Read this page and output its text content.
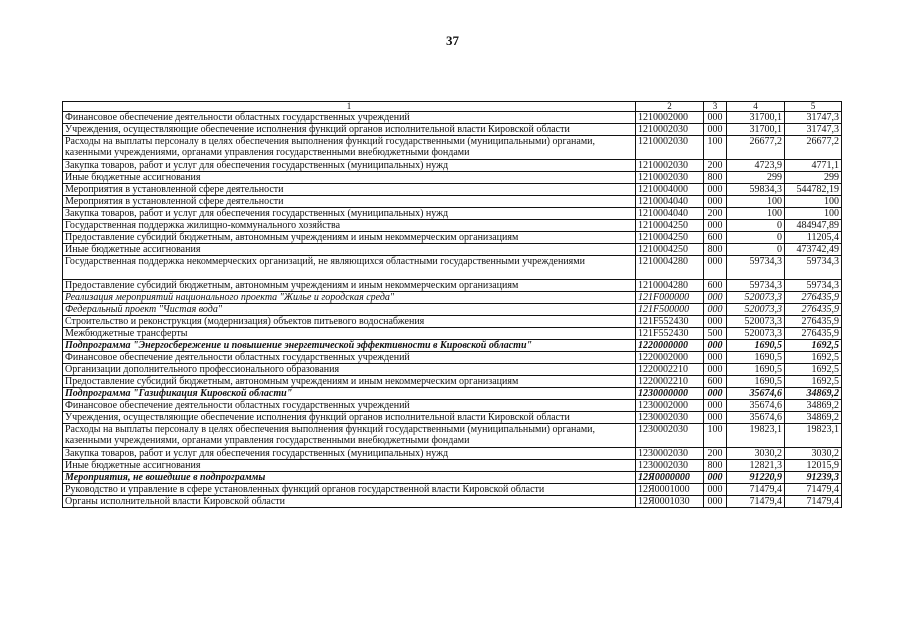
37
1	2	3	4	5
Финансовое обеспечение деятельности областных государственных учреждений	1210002000	000	31700,1	31747,3
Учреждения, осуществляющие обеспечение исполнения функций органов исполнительной власти Кировской области	1210002030	000	31700,1	31747,3
Расходы на выплаты персоналу в целях обеспечения выполнения функций государственными (муниципальными) органами, казенными учреждениями, органами управления государственными внебюджетными фондами	1210002030	100	26677,2	26677,2
Закупка товаров, работ и услуг для обеспечения государственных (муниципальных) нужд	1210002030	200	4723,9	4771,1
Иные бюджетные ассигнования	1210002030	800	299	299
Мероприятия в установленной сфере деятельности	1210004000	000	59834,3	544782,19
Мероприятия в установленной сфере деятельности	1210004040	000	100	100
Закупка товаров, работ и услуг для обеспечения государственных (муниципальных) нужд	1210004040	200	100	100
Государственная поддержка жилищно-коммунального хозяйства	1210004250	000	0	484947,89
Предоставление субсидий бюджетным, автономным учреждениям и иным некоммерческим организациям	1210004250	600	0	11205,4
Иные бюджетные ассигнования	1210004250	800	0	473742,49
Государственная поддержка некоммерческих организаций, не являющихся областными государственными учреждениями	1210004280	000	59734,3	59734,3
Предоставление субсидий бюджетным, автономным учреждениям и иным некоммерческим организациям	1210004280	600	59734,3	59734,3
Реализация мероприятий национального проекта "Жилье и городская среда"	121F000000	000	520073,3	276435,9
Федеральный проект "Чистая вода"	121F500000	000	520073,3	276435,9
Строительство и реконструкция (модернизация) объектов питьевого водоснабжения	121F552430	000	520073,3	276435,9
Межбюджетные трансферты	121F552430	500	520073,3	276435,9
Подпрограмма "Энергосбережение и повышение энергетической эффективности в Кировской области"	1220000000	000	1690,5	1692,5
Финансовое обеспечение деятельности областных государственных учреждений	1220002000	000	1690,5	1692,5
Организации дополнительного профессионального образования	1220002210	000	1690,5	1692,5
Предоставление субсидий бюджетным, автономным учреждениям и иным некоммерческим организациям	1220002210	600	1690,5	1692,5
Подпрограмма "Газификация Кировской области"	1230000000	000	35674,6	34869,2
Финансовое обеспечение деятельности областных государственных учреждений	1230002000	000	35674,6	34869,2
Учреждения, осуществляющие обеспечение исполнения функций органов исполнительной власти Кировской области	1230002030	000	35674,6	34869,2
Расходы на выплаты персоналу в целях обеспечения выполнения функций государственными (муниципальными) органами, казенными учреждениями, органами управления государственными внебюджетными фондами	1230002030	100	19823,1	19823,1
Закупка товаров, работ и услуг для обеспечения государственных (муниципальных) нужд	1230002030	200	3030,2	3030,2
Иные бюджетные ассигнования	1230002030	800	12821,3	12015,9
Мероприятия, не вошедшие в подпрограммы	12Я0000000	000	91220,9	91239,3
Руководство и управление в сфере установленных функций органов государственной власти Кировской области	12Я0001000	000	71479,4	71479,4
Органы исполнительной власти Кировской области	12Я0001030	000	71479,4	71479,4
